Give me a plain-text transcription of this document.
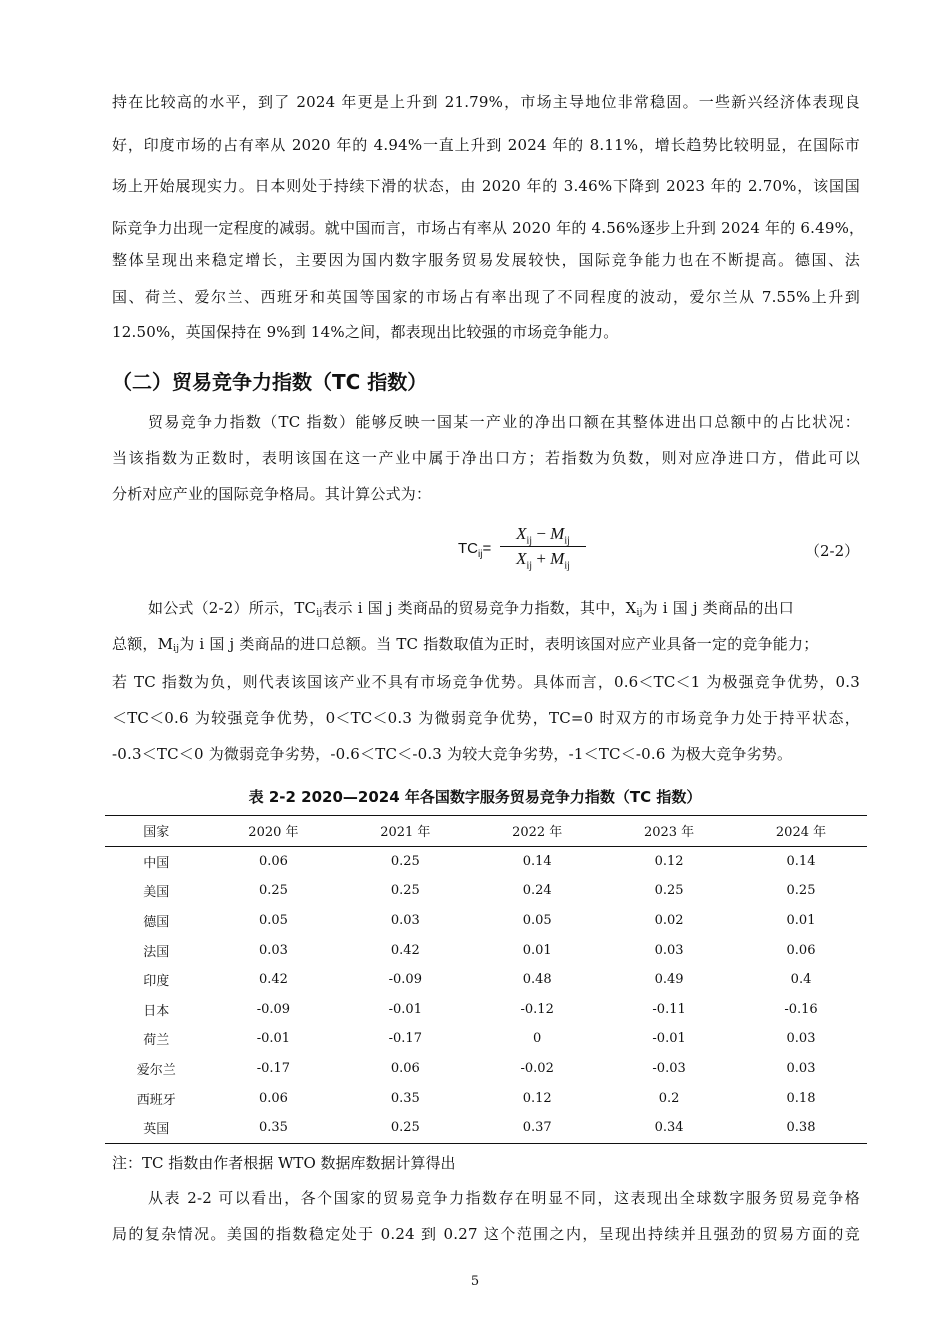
持在比较高的水平，到了 2024 年更是上升到 21.79%，市场主导地位非常稳固。一些新兴经济体表现良
好，印度市场的占有率从 2020 年的 4.94%一直上升到 2024 年的 8.11%，增长趋势比较明显，在国际市
场上开始展现实力。日本则处于持续下滑的状态，由 2020 年的 3.46%下降到 2023 年的 2.70%，该国国
际竞争力出现一定程度的减弱。就中国而言，市场占有率从 2020 年的 4.56%逐步上升到 2024 年的 6.49%，
整体呈现出来稳定增长，主要因为国内数字服务贸易发展较快，国际竞争能力也在不断提高。德国、法
国、荷兰、爱尔兰、西班牙和英国等国家的市场占有率出现了不同程度的波动，爱尔兰从 7.55%上升到
12.50%，英国保持在 9%到 14%之间，都表现出比较强的市场竞争能力。
（二）贸易竞争力指数（TC 指数）
贸易竞争力指数（TC 指数）能够反映一国某一产业的净出口额在其整体进出口总额中的占比状况：
当该指数为正数时，表明该国在这一产业中属于净出口方；若指数为负数，则对应净进口方，借此可以
分析对应产业的国际竞争格局。其计算公式为：
$TC_{ij}=$
$X_{ij} - M_{ij}$
$X_{ij} + M_{ij}$
（2-2）
如公式（2-2）所示，$TC_{ij}$表示 i 国 j 类商品的贸易竞争力指数，其中，$X_{ij}$为 i 国 j 类商品的出口
总额，$M_{ij}$为 i 国 j 类商品的进口总额。当 TC 指数取值为正时，表明该国对应产业具备一定的竞争能力；
若 TC 指数为负，则代表该国该产业不具有市场竞争优势。具体而言，0.6＜TC＜1 为极强竞争优势，0.3
＜TC＜0.6 为较强竞争优势，0＜TC＜0.3 为微弱竞争优势，TC=0 时双方的市场竞争力处于持平状态，
-0.3＜TC＜0 为微弱竞争劣势，-0.6＜TC＜-0.3 为较大竞争劣势，-1＜TC＜-0.6 为极大竞争劣势。
表 2-2 2020—2024 年各国数字服务贸易竞争力指数（TC 指数）
国家	2020 年	2021 年	2022 年	2023 年	2024 年
中国	0.06	0.25	0.14	0.12	0.14
美国	0.25	0.25	0.24	0.25	0.25
德国	0.05	0.03	0.05	0.02	0.01
法国	0.03	0.42	0.01	0.03	0.06
印度	0.42	-0.09	0.48	0.49	0.4
日本	-0.09	-0.01	-0.12	-0.11	-0.16
荷兰	-0.01	-0.17	0	-0.01	0.03
爱尔兰	-0.17	0.06	-0.02	-0.03	0.03
西班牙	0.06	0.35	0.12	0.2	0.18
英国	0.35	0.25	0.37	0.34	0.38
注：TC 指数由作者根据 WTO 数据库数据计算得出
从表 2-2 可以看出，各个国家的贸易竞争力指数存在明显不同，这表现出全球数字服务贸易竞争格
局的复杂情况。美国的指数稳定处于 0.24 到 0.27 这个范围之内，呈现出持续并且强劲的贸易方面的竞
5
